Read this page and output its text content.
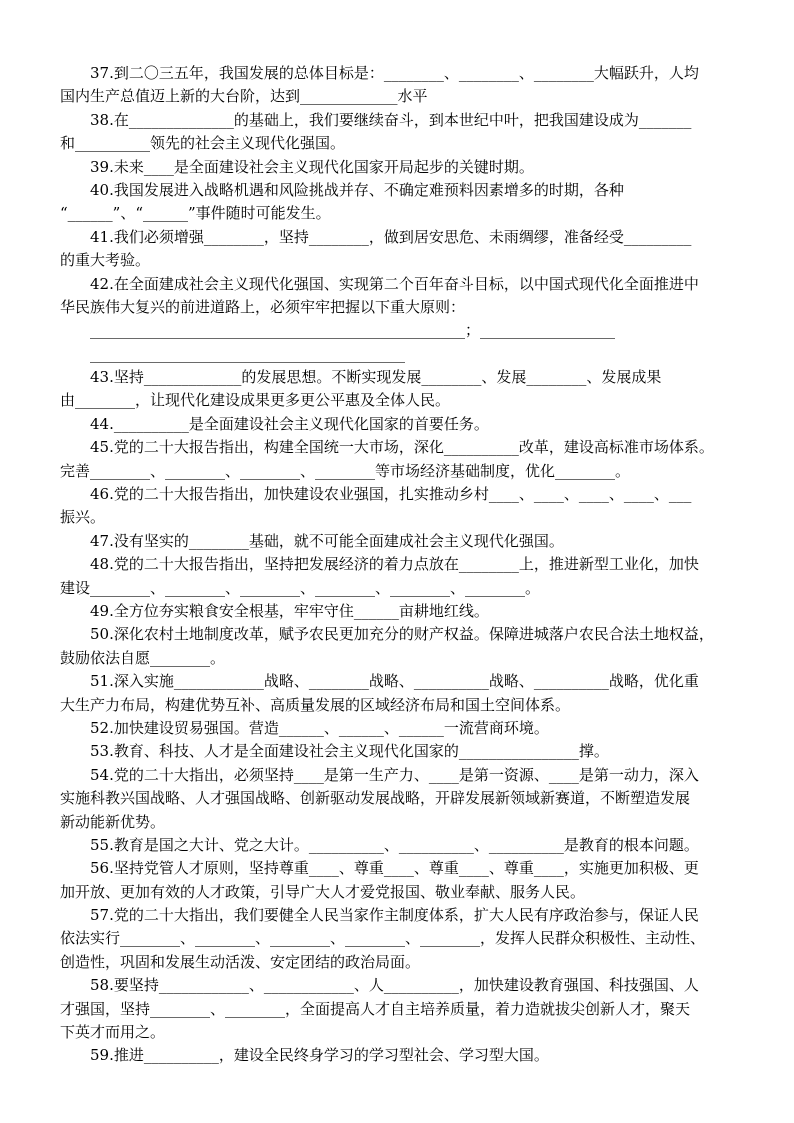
37.到二〇三五年，我国发展的总体目标是：________、________、________大幅跃升，人均
国内生产总值迈上新的大台阶，达到_____________水平
38.在______________的基础上，我们要继续奋斗，到本世纪中叶，把我国建设成为_______
和__________领先的社会主义现代化强国。
39.未来____是全面建设社会主义现代化国家开局起步的关键时期。
40.我国发展进入战略机遇和风险挑战并存、不确定难预料因素增多的时期，各种
“______”、“______”事件随时可能发生。
41.我们必须增强________，坚持________，做到居安思危、未雨绸缪，准备经受_________
的重大考验。
42.在全面建成社会主义现代化强国、实现第二个百年奋斗目标，以中国式现代化全面推进中
华民族伟大复兴的前进道路上，必须牢牢把握以下重大原则：
__________________________________________________；__________________
__________________________________________
43.坚持_____________的发展思想。不断实现发展________、发展________、发展成果
由________，让现代化建设成果更多更公平惠及全体人民。
44.__________是全面建设社会主义现代化国家的首要任务。
45.党的二十大报告指出，构建全国统一大市场，深化__________改革，建设高标准市场体系。
完善________、________、________、________等市场经济基础制度，优化________。
46.党的二十大报告指出，加快建设农业强国，扎实推动乡村____、____、____、____、___
振兴。
47.没有坚实的________基础，就不可能全面建成社会主义现代化强国。
48.党的二十大报告指出，坚持把发展经济的着力点放在________上，推进新型工业化，加快
建设________、________、________、________、________、________。
49.全方位夯实粮食安全根基，牢牢守住______亩耕地红线。
50.深化农村土地制度改革，赋予农民更加充分的财产权益。保障进城落户农民合法土地权益，
鼓励依法自愿________。
51.深入实施____________战略、________战略、__________战略、__________战略，优化重
大生产力布局，构建优势互补、高质量发展的区域经济布局和国土空间体系。
52.加快建设贸易强国。营造______、______、______一流营商环境。
53.教育、科技、人才是全面建设社会主义现代化国家的________________撑。
54.党的二十大指出，必须坚持____是第一生产力、____是第一资源、____是第一动力，深入
实施科教兴国战略、人才强国战略、创新驱动发展战略，开辟发展新领域新赛道，不断塑造发展
新动能新优势。
55.教育是国之大计、党之大计。__________、__________、__________是教育的根本问题。
56.坚持党管人才原则，坚持尊重____、尊重____、尊重____、尊重____，实施更加积极、更
加开放、更加有效的人才政策，引导广大人才爱党报国、敬业奉献、服务人民。
57.党的二十大指出，我们要健全人民当家作主制度体系，扩大人民有序政治参与，保证人民
依法实行________、________、________、________、________，发挥人民群众积极性、主动性、
创造性，巩固和发展生动活泼、安定团结的政治局面。
58.要坚持____________、____________、人__________，加快建设教育强国、科技强国、人
才强国，坚持________、________，全面提高人才自主培养质量，着力造就拔尖创新人才，聚天
下英才而用之。
59.推进__________，建设全民终身学习的学习型社会、学习型大国。
